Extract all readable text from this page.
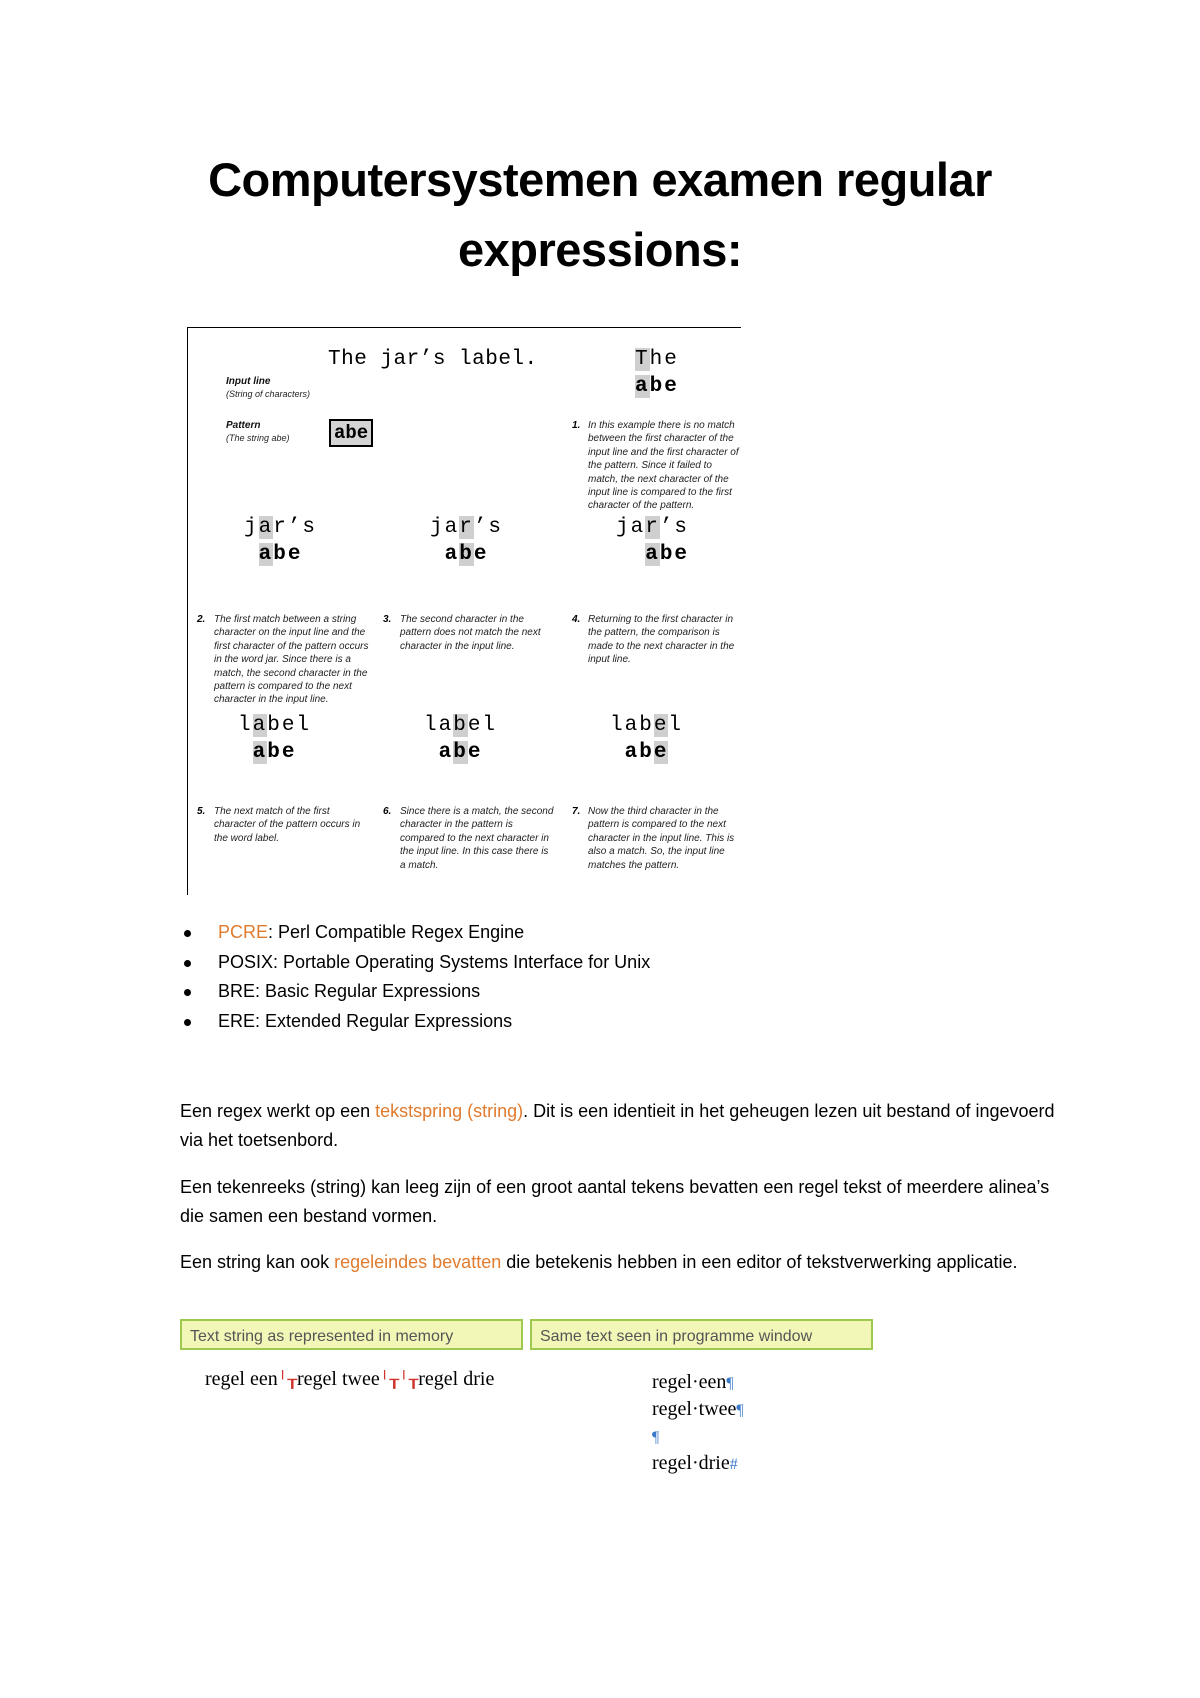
Computersystemen examen regular
expressions:
Input line
(String of characters)
The jar’s label.
Pattern
(The string abe) abe
The
abe
1. In this example there is no match between the first character of the input line and the first character of the pattern. Since it failed to match, the next character of the input line is compared to the first character of the pattern.
jar’s
abe
2. The first match between a string character on the input line and the first character of the pattern occurs in the word jar. Since there is a match, the second character in the pattern is compared to the next character in the input line.
jar’s
abe
3. The second character in the pattern does not match the next character in the input line.
jar’s
abe
4. Returning to the first character in the pattern, the comparison is made to the next character in the input line.
label
abe
5. The next match of the first character of the pattern occurs in the word label.
label
abe
6. Since there is a match, the second character in the pattern is compared to the next character in the input line. In this case there is a match.
label
abe
7. Now the third character in the pattern is compared to the next character in the input line. This is also a match. So, the input line matches the pattern.
PCRE: Perl Compatible Regex Engine
POSIX: Portable Operating Systems Interface for Unix
BRE: Basic Regular Expressions
ERE: Extended Regular Expressions
Een regex werkt op een tekstspring (string). Dit is een identieit in het geheugen lezen uit bestand of ingevoerd via het toetsenbord.
Een tekenreeks (string) kan leeg zijn of een groot aantal tekens bevatten een regel tekst of meerdere alinea’s die samen een bestand vormen.
Een string kan ook regeleindes bevatten die betekenis hebben in een editor of tekstverwerking applicatie.
Text string as represented in memory	Same text seen in programme window
regel een╵┰regel twee╵┰╵┰regel drie	regel·een¶
regel·twee¶
¶
regel·drie#
